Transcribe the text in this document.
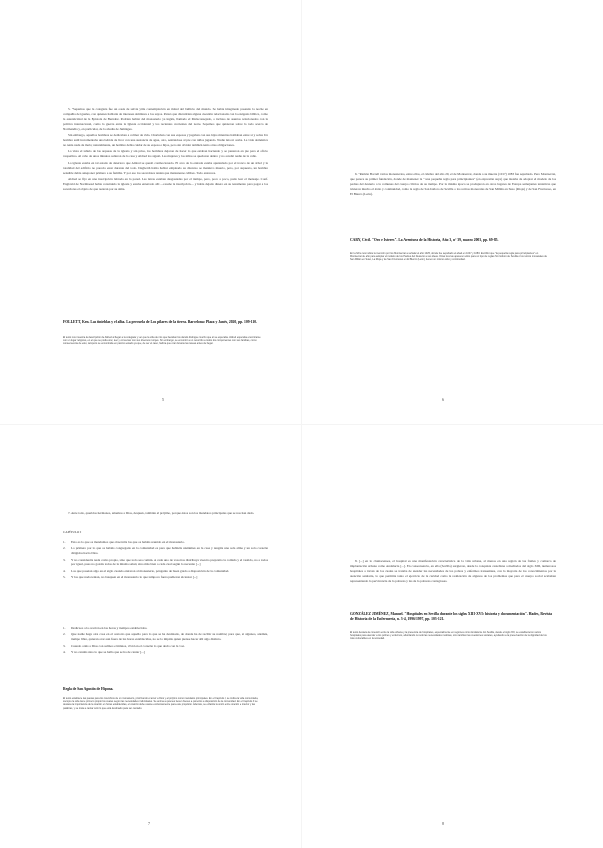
5. "Sepamos que la colegiata fue un oasis de salvia ytile contemplación en mitad del bullicio del mundo. Se había imaginado pasando la noche en compañía de iguales, con quienes hablaría de intereses similares a los suyos. Pensó que discutirían alguna cuestión relacionada con la exégesis bíblica, como la autenticidad de la Epístola de Bernabé. Podrían hablar del monasterio ya inglés, llamado el Malaconsejado, o incluso de asuntos relacionados con la política internacional, como la guerra entre la Iglesia occidental y los recientes crecientes del norte. Sepamos que quisieron sobre la todo acerca de Normandía y, en particular, de la abadía de Jumièges.

Sin embargo, aquellos hombres se dedicaban a colmar de vida. Charlaban con sus esposas y jugaban con sus hijos mientras hablaban entre sí y sobre Un hombre sutil incrementaba una bebida de licor con una sustancia de agua, otro, sentándose al pie con niños jugando. Nadie leía ni oraba. La vida doméstica no tenía nada de malo; naturalmente, un hombre debía cuidar de su esposa e hijos, pero sin olvidar también tenía otras obligaciones.

La vista el tabulo de las arqueas de la iglesia y sin prisa, los hombres dejaron de hacer lo que estaban haciendo y se pusieron en pie para el oficio vespertino. Al cabo de unos minutos salieron de la casa y Aldred los siguió. Las mujeres y los niños se quedaron dentro y no acudió nadie de la calle.

La iglesia estaba en tal estado de deterioro que Aldred se quedó conmocionado. El arco de la entrada estaba apuntalado por el tronco de un árbol y la totalidad del edificio no parecía estar durante del todo. Dagberth había hablar empleado su discurso se mantuvo muerto, pero, por supuesto, un hombre sensible debía anteponer primero a su familia. Y por eso los sacerdotes tenían que mantenerse célibes. Todo entonces.

Aldred se fijó en una inscripción labrada en la pared. Las letras estaban desgastadas por el tiempo, pero, poco a poco, pudo leer el mensaje. Conf. Englavid de Northtsead había construido la iglesia y estaba enterrado allí —rasabe la inscripción— y había dejado dinero en su testamento para pagar a los sacerdotes el objeto de que rezaran por su alma.

FOLLETT, Ken. Las tinieblas y el alba. La precuela de Los pilares de la tierra. Barcelona: Plaza y Janés, 2020, pp. 109-110.
El texto nos muestra la descripción de Aldred al llegar a la colegiata y ver que la vida de mis que llevaban los dando distingue mucho que él se esperaba. Aldred esperaba encontrarse con un lugar religioso, en el que se podía orar, leer y conversar con sus diversos monjes. Sin embargo, se encontró a un recurrido a todos los componentes con sus familias, como consecuencia de esto, tampoco se encontraba en pésimo estado ya que, de ser el caso, habría que orar durante las tareas antes de llegar.
5

6. "Ramón Borrell varios monasterios, entre ellos, el célebre del año 20, el de Montserrat, donde a su muerte (1017) 1083 fue sepultado. Pero Montserrat, que parece su primer fundación, donde de mantener la " una pequeña regla para principiantes" (en expresión suya) que instaba de adoptar el modelo de los padres del desierto a la comunes del cuerpo cilicios de su tiempo. Por la misma época se produjeron en otros lugares de Europa semejantes tentativas que tuvieron mucho el éxito y continuidad, como la regla de San Isidoro de Sevilla o los retiros monacales de San Millán en Suso (Rioja) y de San Fructuoso, en El Bierzo (León).

CARY, Cécil. "Oro e Ixteres". La Aventura de la Historia, Año 3, nº 39, marzo 2003, pp. 69-85.
En la ficha nos indica la mención por los Montserrat a señalar el año 1025, donde fue sepultado el abad en 1047 y 1083. Escribió que "la pequeña regla para principiantes" en Montserrat de año para adoptar el modelo de los Padres del Desierto a sus ideas. Otras tres las aparecen ellos para un tipo de reglas Sin Isidoro de Sevilla o los retiros monacales de San Millán en Suso, La Rioja y de San Fructuoso en El Bierzo (León), tienen un mismo éxito y continuidad.
6

7. Ante todo, queridos hermanos, amemos a Dios, después, también al prójimo, porque éstos son los mandatos principales que se nos han dado.

CAPÍTULO I
1.	Esto es lo que os mandamos que observéis los que os habéis reunido en el monasterio.
2.	Lo primero por lo que os habéis congregado en la comunidad es para que habitéis unánimes en la casa y tengáis una sola alma y un solo corazón dirigidos hacia Dios.
3.	Y no consideréis nada como propio, sino que todo sea común. A cada uno de vosotros distribuya vuestro prepósito la comida y el vestido, no a todos por igual, pues no gozáis todos de la misma salud, sino más bien a cada cual según lo necesite [...]
4.	Los que poseían algo en el siglo cuando entraron al monasterio, pónganlo de buen grado a disposición de la comunidad.
5.	Y los que nada tenían, no busquen en el monasterio lo que tampoco fuera pudieron alcanzar [...]
1.	Dedicaos a la oración en las horas y tiempos establecidos.
2.	Que nadie haga otra cosa en el oratorio que aquello para lo que se ha destinado, de donde ha de recibir su nombre; para que, si algunos, además, tiempo libre, quieran orar aun fuera de las horas establecidas, no se lo impida quien piense hacer allí algo distinto.
3.	Cuando oréis a Dios con salmos e himnos, vivid en el corazón lo que decís con la voz.
4.	Y no cantéis sino lo que se halla que se ha de cantar [...]
Regla de San Agustín de Hipona.
El texto establece las pautas para los miembros de un monasterio, priorizando el amor a Dios y al prójimo como mandatos principales. En el Capítulo I, se indica la vida comunitaria, siempre la vida tiene primero propio los cuales según las necesidades individuales. Se anima a quienes tienen bienes a ponerlos a disposición de la comunidad. En el Capítulo II se destaca la importancia de la oración en horas establecidas, el oratorio debe usarse exclusivamente para este propósito. Además, se enfatiza la unión entre oración e interior y las palabras, y se insta a cantar solo lo que está destinado para ser cantado.
7

8. [...] en lo cluniacenses, el hospital es una manifestación característica de la vida urbana, al menos en una región de las frailes y comarca de implantación urbana como Andalucía [...]. En consecuencia, en ella (Sevilla) surgieron, desde la conquista castellana a mediados del siglo XIII, numerosos hospitales a través de los cuales se trataba de atender las necesidades de los pobres y enfermos transeúntes, con la mayoría de los conocimientos por la atención sanitaria, lo que permitía tanto el ejercicio de la caridad como la realización de algunos de los problemas que para el cuerpo social acababan representando la pervivencia de la pobreza y las de la pobreza contagiosas.

GONZÁLEZ JIMÉNEZ, Manuel. "Hospitales en Sevilla durante los siglos XIII-XVI: historia y documentación". Hades, Revista de Historia de la Enfermería, n. 3-4, 1996/1997, pp. 103-121.
El texto destaca la conexión entre la vida urbana y la presencia de hospitales, especialmente en regiones como Andalucía. En Sevilla, desde el siglo XIII, se establecieron varios hospitales para atender a los pobres y enfermos, abordando no solo las necesidades médicas, sino también las cuestiones sociales, ayudando a la preservación de la dignidad de los más vulnerables en la sociedad.
8
